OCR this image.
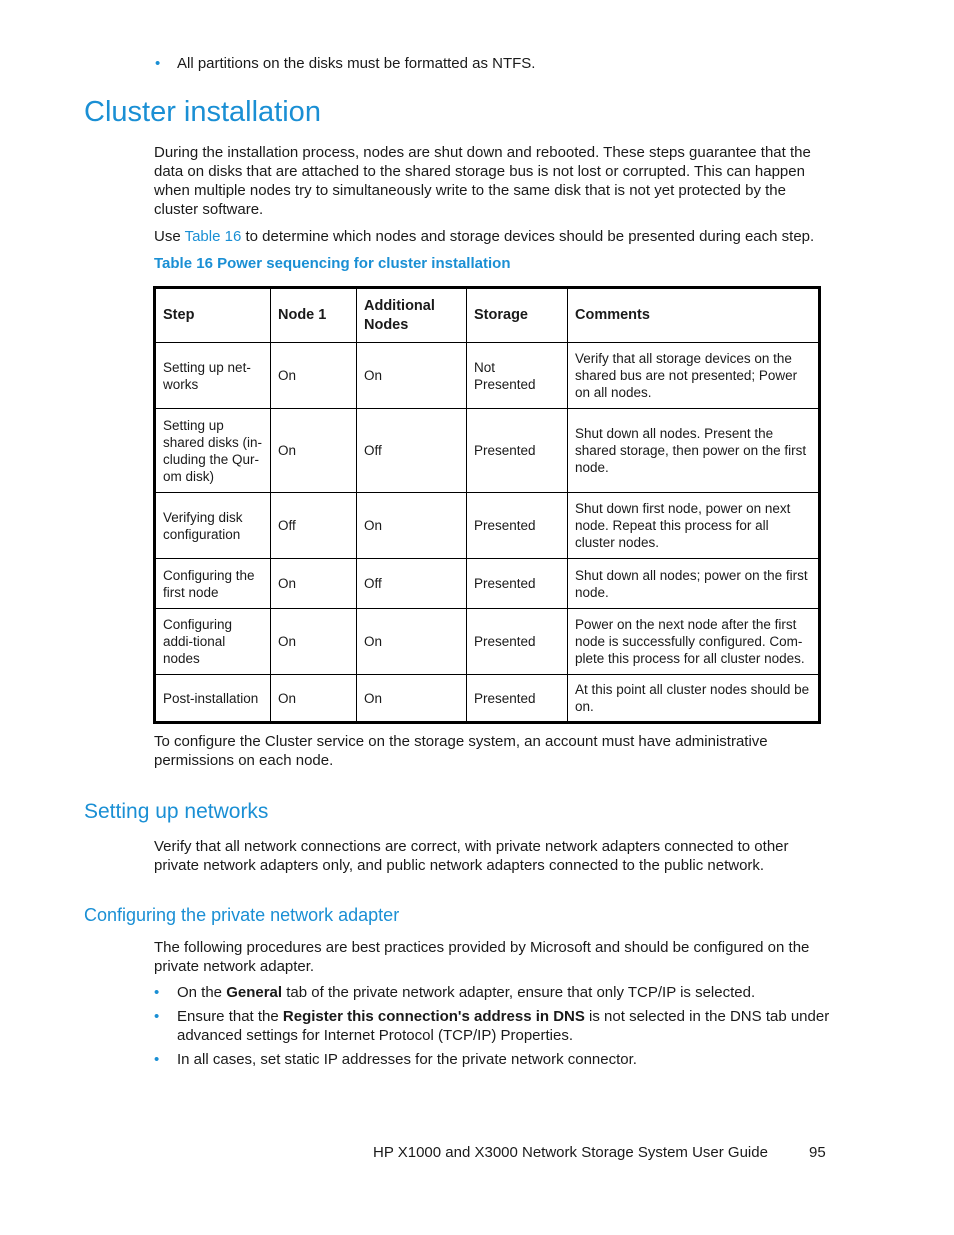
• All partitions on the disks must be formatted as NTFS.
Cluster installation
During the installation process, nodes are shut down and rebooted. These steps guarantee that the data on disks that are attached to the shared storage bus is not lost or corrupted. This can happen when multiple nodes try to simultaneously write to the same disk that is not yet protected by the cluster software.
Use Table 16 to determine which nodes and storage devices should be presented during each step.
Table 16 Power sequencing for cluster installation
Step	Node 1	Additional Nodes	Storage	Comments
Setting up net-works	On	On	Not Presented	Verify that all storage devices on the shared bus are not presented; Power on all nodes.
Setting up shared disks (in-cluding the Qur-om disk)	On	Off	Presented	Shut down all nodes. Present the shared storage, then power on the first node.
Verifying disk configuration	Off	On	Presented	Shut down first node, power on next node. Repeat this process for all cluster nodes.
Configuring the first node	On	Off	Presented	Shut down all nodes; power on the first node.
Configuring addi-tional nodes	On	On	Presented	Power on the next node after the first node is successfully configured. Com-plete this process for all cluster nodes.
Post-installation	On	On	Presented	At this point all cluster nodes should be on.
To configure the Cluster service on the storage system, an account must have administrative permissions on each node.
Setting up networks
Verify that all network connections are correct, with private network adapters connected to other private network adapters only, and public network adapters connected to the public network.
Configuring the private network adapter
The following procedures are best practices provided by Microsoft and should be configured on the private network adapter.
•	On the General tab of the private network adapter, ensure that only TCP/IP is selected.
•	Ensure that the Register this connection's address in DNS is not selected in the DNS tab under advanced settings for Internet Protocol (TCP/IP) Properties.
•	In all cases, set static IP addresses for the private network connector.
HP X1000 and X3000 Network Storage System User Guide	95
